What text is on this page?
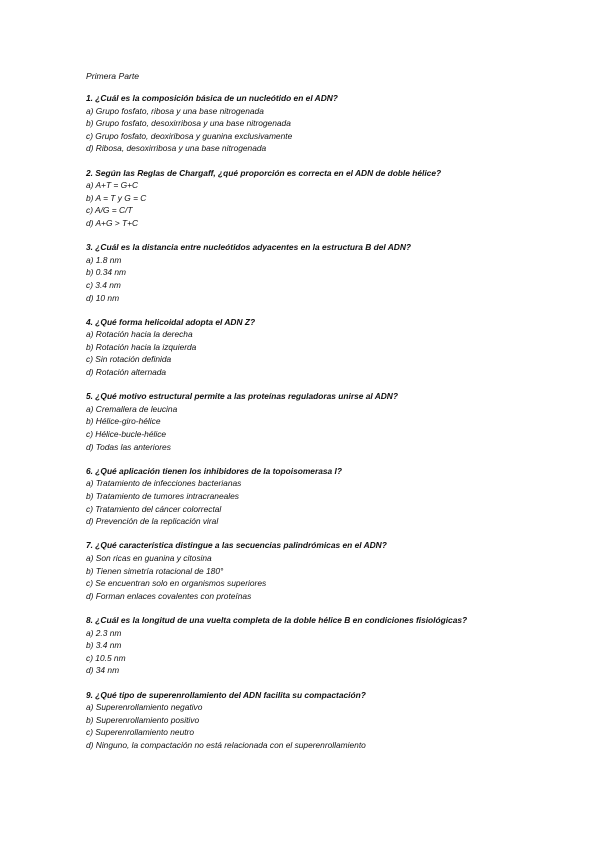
Primera Parte
1. ¿Cuál es la composición básica de un nucleótido en el ADN?
a) Grupo fosfato, ribosa y una base nitrogenada
b) Grupo fosfato, desoxirribosa y una base nitrogenada
c) Grupo fosfato, deoxiribosa y guanina exclusivamente
d) Ribosa, desoxirribosa y una base nitrogenada
2. Según las Reglas de Chargaff, ¿qué proporción es correcta en el ADN de doble hélice?
a) A+T = G+C
b) A = T y G = C
c) A/G = C/T
d) A+G > T+C
3. ¿Cuál es la distancia entre nucleótidos adyacentes en la estructura B del ADN?
a) 1.8 nm
b) 0.34 nm
c) 3.4 nm
d) 10 nm
4. ¿Qué forma helicoidal adopta el ADN Z?
a) Rotación hacia la derecha
b) Rotación hacia la izquierda
c) Sin rotación definida
d) Rotación alternada
5. ¿Qué motivo estructural permite a las proteínas reguladoras unirse al ADN?
a) Cremallera de leucina
b) Hélice-giro-hélice
c) Hélice-bucle-hélice
d) Todas las anteriores
6. ¿Qué aplicación tienen los inhibidores de la topoisomerasa I?
a) Tratamiento de infecciones bacterianas
b) Tratamiento de tumores intracraneales
c) Tratamiento del cáncer colorrectal
d) Prevención de la replicación viral
7. ¿Qué característica distingue a las secuencias palindrómicas en el ADN?
a) Son ricas en guanina y citosina
b) Tienen simetría rotacional de 180°
c) Se encuentran solo en organismos superiores
d) Forman enlaces covalentes con proteínas
8. ¿Cuál es la longitud de una vuelta completa de la doble hélice B en condiciones fisiológicas?
a) 2.3 nm
b) 3.4 nm
c) 10.5 nm
d) 34 nm
9. ¿Qué tipo de superenrollamiento del ADN facilita su compactación?
a) Superenrollamiento negativo
b) Superenrollamiento positivo
c) Superenrollamiento neutro
d) Ninguno, la compactación no está relacionada con el superenrollamiento
